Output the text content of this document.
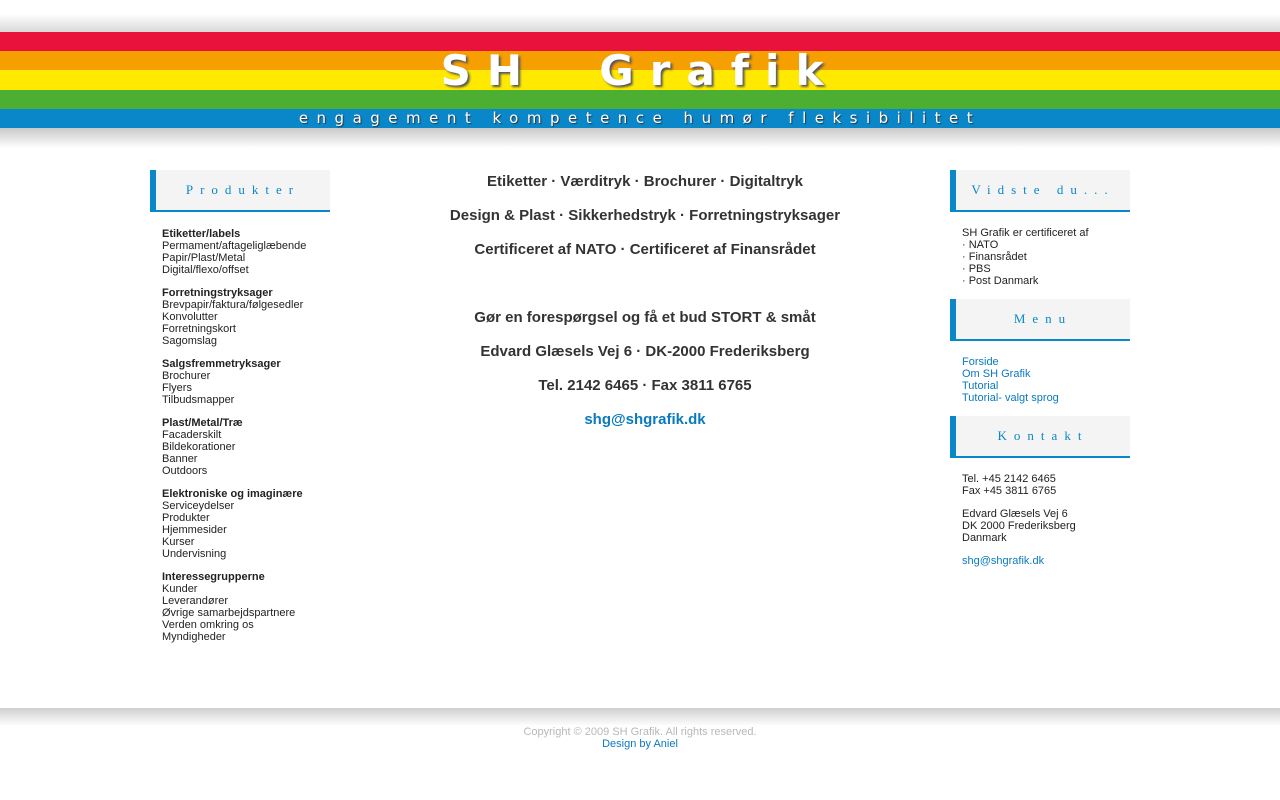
SH  Grafik
engagement kompetence humør fleksibilitet
Produkter
Etiketter/labels
Permament/aftageliglæbende
Papir/Plast/Metal
Digital/flexo/offset
Forretningstryksager
Brevpapir/faktura/følgesedler
Konvolutter
Forretningskort
Sagomslag
Salgsfremmetryksager
Brochurer
Flyers
Tilbudsmapper
Plast/Metal/Træ
Facaderskilt
Bildekorationer
Banner
Outdoors
Elektroniske og imaginære
Serviceydelser
Produkter
Hjemmesider
Kurser
Undervisning
Interessegrupperne
Kunder
Leverandører
Øvrige samarbejdspartnere
Verden omkring os
Myndigheder
Etiketter · Værditryk · Brochurer · Digitaltryk
Design & Plast · Sikkerhedstryk · Forretningstryksager
Certificeret af NATO · Certificeret af Finansrådet
Gør en forespørgsel og få et bud STORT & småt
Edvard Glæsels Vej 6 · DK-2000 Frederiksberg
Tel. 2142 6465 · Fax 3811 6765
shg@shgrafik.dk
Vidste du...
SH Grafik er certificeret af
· NATO
· Finansrådet
· PBS
· Post Danmark
Menu
Forside
Om SH Grafik
Tutorial
Tutorial- valgt sprog
Kontakt
Tel. +45 2142 6465
Fax +45 3811 6765
Edvard Glæsels Vej 6
DK 2000 Frederiksberg
Danmark
shg@shgrafik.dk
Copyright © 2009 SH Grafik. All rights reserved.
Design by Aniel
